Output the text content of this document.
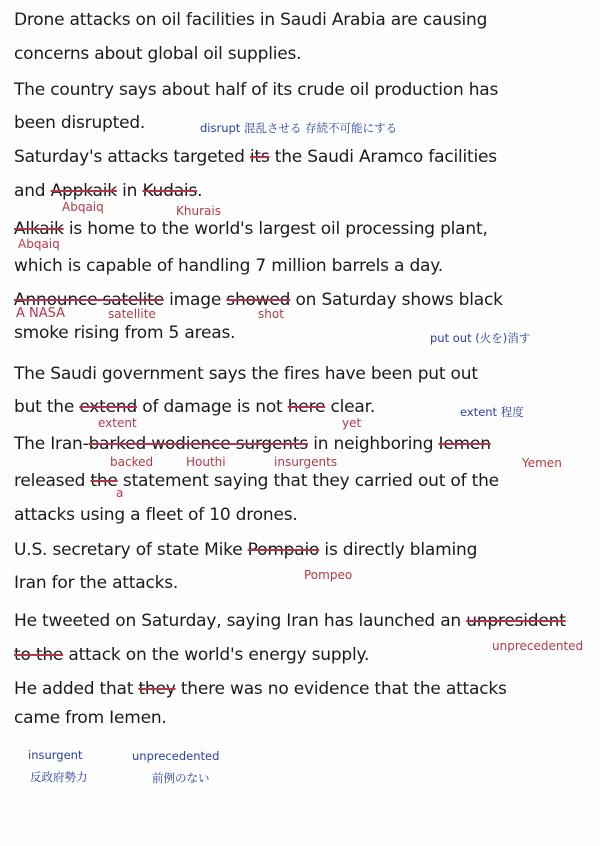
Drone attacks on oil facilities in Saudi Arabia are causing
concerns about global oil supplies.
The country says about half of its crude oil production has
been disrupted.
Saturday's attacks targeted its the Saudi Aramco facilities
and Appkaik in Kudais.
Alkaik is home to the world's largest oil processing plant,
which is capable of handling 7 million barrels a day.
Announce satelite image showed on Saturday shows black
smoke rising from 5 areas.
The Saudi government says the fires have been put out
but the extend of damage is not here clear.
The Iran-barked wodience surgents in neighboring Iemen
released the statement saying that they carried out of the
attacks using a fleet of 10 drones.
U.S. secretary of state Mike Pompaio is directly blaming
Iran for the attacks.
He tweeted on Saturday, saying Iran has launched an unpresident
to the attack on the world's energy supply.
He added that they there was no evidence that the attacks
came from Iemen.
Abqaiq	Khurais
Abqaiq
A NASA	satellite	shot
extent	yet
backed	Houthi	insurgents	Yemen
a
Pompeo
unprecedented
disrupt 混乱させる 存続不可能にする
put out (火を)消す
extent 程度
insurgent
反政府勢力
unprecedented
前例のない
